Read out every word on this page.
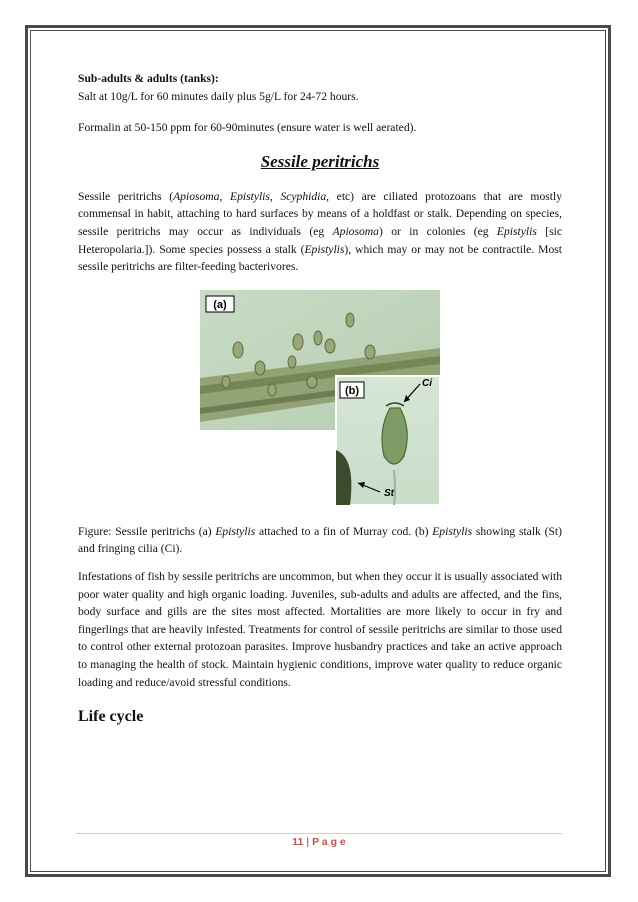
Sub-adults & adults (tanks):

Salt at 10g/L for 60 minutes daily plus 5g/L for 24-72 hours.

Formalin at 50-150 ppm for 60-90minutes (ensure water is well aerated).

Sessile peritrichs

Sessile peritrichs (Apiosoma, Epistylis, Scyphidia, etc) are ciliated protozoans that are mostly commensal in habit, attaching to hard surfaces by means of a holdfast or stalk. Depending on species, sessile peritrichs may occur as individuals (eg Apiosoma) or in colonies (eg Epistylis [sic Heteropolaria.]). Some species possess a stalk (Epistylis), which may or may not be contractile. Most sessile peritrichs are filter-feeding bacterivores.

(a)
(b)
Ci
St

Figure: Sessile peritrichs (a) Epistylis attached to a fin of Murray cod. (b) Epistylis showing stalk (St) and fringing cilia (Ci).

Infestations of fish by sessile peritrichs are uncommon, but when they occur it is usually associated with poor water quality and high organic loading. Juveniles, sub-adults and adults are affected, and the fins, body surface and gills are the sites most affected. Mortalities are more likely to occur in fry and fingerlings that are heavily infested. Treatments for control of sessile peritrichs are similar to those used to control other external protozoan parasites. Improve husbandry practices and take an active approach to managing the health of stock. Maintain hygienic conditions, improve water quality to reduce organic loading and reduce/avoid stressful conditions.

Life cycle

11 | P a g e
